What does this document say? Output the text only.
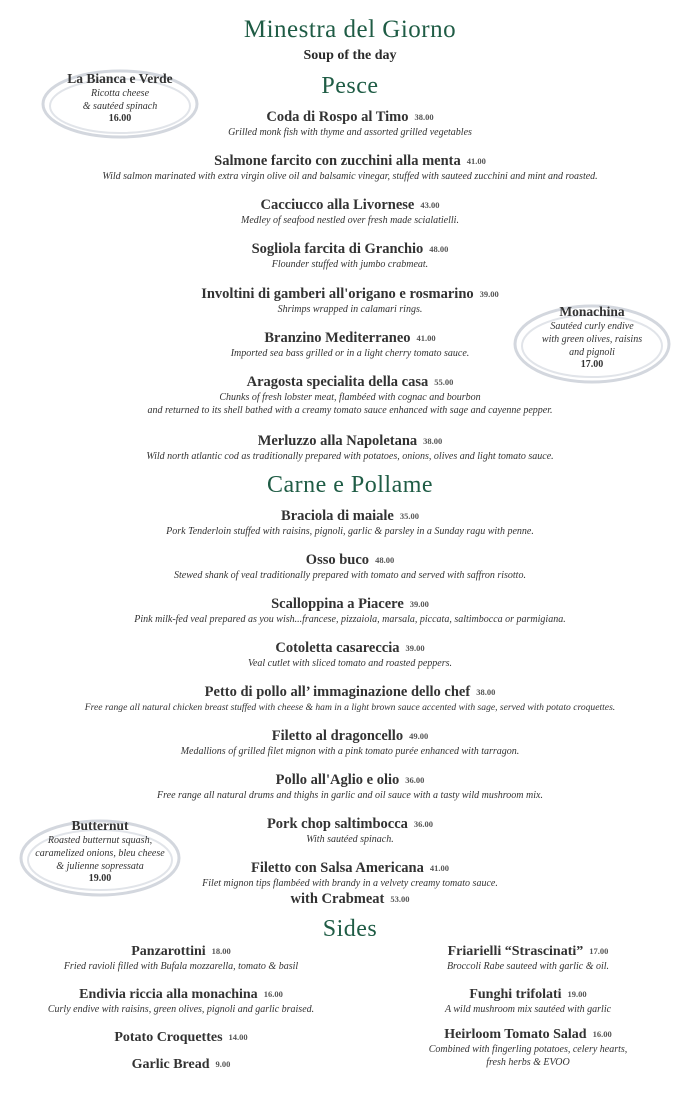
Minestra del Giorno
Soup of the day
Pesce
Coda di Rospo al Timo 38.00
Grilled monk fish with thyme and assorted grilled vegetables
Salmone farcito con zucchini alla menta 41.00
Wild salmon marinated with extra virgin olive oil and balsamic vinegar, stuffed with sauteed zucchini and mint and roasted.
Cacciucco alla Livornese 43.00
Medley of seafood nestled over fresh made scialatielli.
Sogliola farcita di Granchio 48.00
Flounder stuffed with jumbo crabmeat.
Involtini di gamberi all'origano e rosmarino 39.00
Shrimps wrapped in calamari rings.
Branzino Mediterraneo 41.00
Imported sea bass grilled or in a light cherry tomato sauce.
Aragosta specialita della casa 55.00
Chunks of fresh lobster meat, flambéed with cognac and bourbon
and returned to its shell bathed with a creamy tomato sauce enhanced with sage and cayenne pepper.
Merluzzo alla Napoletana 38.00
Wild north atlantic cod as traditionally prepared with potatoes, onions, olives and light tomato sauce.
Carne e Pollame
Braciola di maiale 35.00
Pork Tenderloin stuffed with raisins, pignoli, garlic & parsley in a Sunday ragu with penne.
Osso buco 48.00
Stewed shank of veal traditionally prepared with tomato and served with saffron risotto.
Scalloppina a Piacere 39.00
Pink milk-fed veal prepared as you wish...francese, pizzaiola, marsala, piccata, saltimbocca or parmigiana.
Cotoletta casareccia 39.00
Veal cutlet with sliced tomato and roasted peppers.
Petto di pollo all’ immaginazione dello chef 38.00
Free range all natural chicken breast stuffed with cheese & ham in a light brown sauce accented with sage, served with potato croquettes.
Filetto al dragoncello 49.00
Medallions of grilled filet mignon with a pink tomato purée enhanced with tarragon.
Pollo all'Aglio e olio 36.00
Free range all natural drums and thighs in garlic and oil sauce with a tasty wild mushroom mix.
Pork chop saltimbocca 36.00
With sautéed spinach.
Filetto con Salsa Americana 41.00
Filet mignon tips flambéed with brandy in a velvety creamy tomato sauce.
with Crabmeat 53.00
Sides
Panzarottini 18.00
Fried ravioli filled with Bufala mozzarella, tomato & basil
Endivia riccia alla monachina 16.00
Curly endive with raisins, green olives, pignoli and garlic braised.
Potato Croquettes 14.00
Garlic Bread 9.00
Friarielli “Strascinati” 17.00
Broccoli Rabe sauteed with garlic & oil.
Funghi trifolati 19.00
A wild mushroom mix sautéed with garlic
Heirloom Tomato Salad 16.00
Combined with fingerling potatoes, celery hearts,
fresh herbs & EVOO
La Bianca e Verde
Ricotta cheese
& sautéed spinach
16.00
Monachina
Sautéed curly endive
with green olives, raisins
and pignoli
17.00
Butternut
Roasted butternut squash,
caramelized onions, bleu cheese
& julienne sopressata
19.00
